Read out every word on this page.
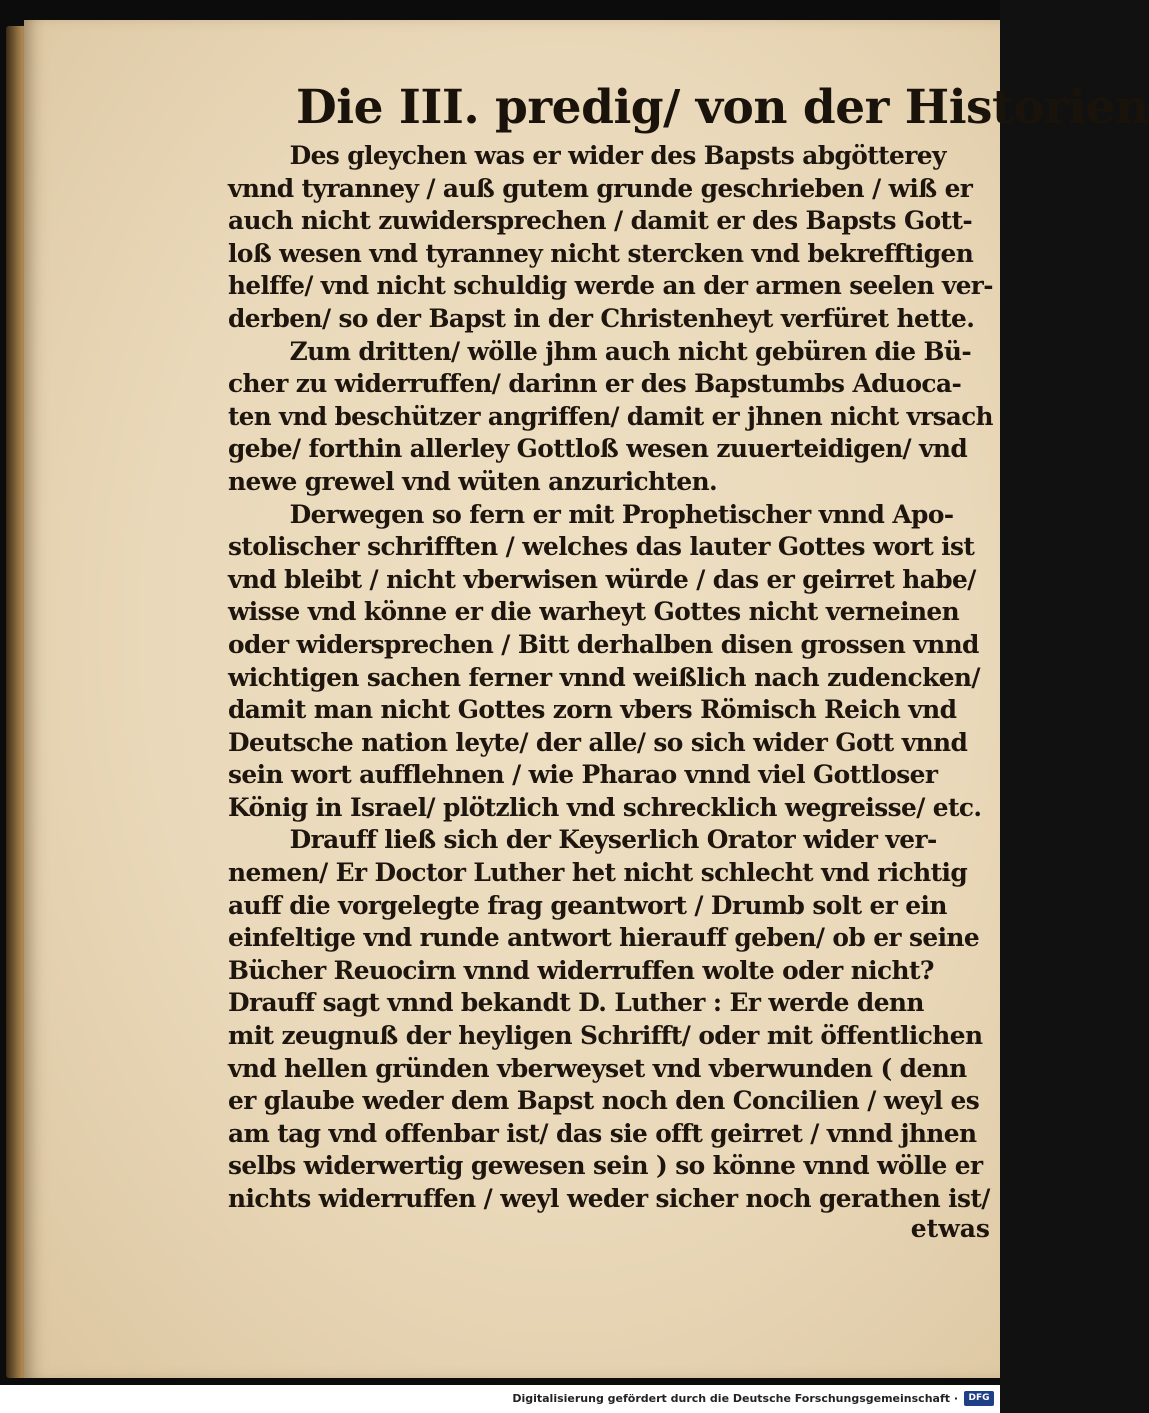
Die III. predig/ von der Historien
Des gleychen was er wider des Bapsts abgötterey
vnnd tyranney / auß gutem grunde geschrieben / wiß er
auch nicht zuwidersprechen / damit er des Bapsts Gott-
loß wesen vnd tyranney nicht stercken vnd bekrefftigen
helffe/ vnd nicht schuldig werde an der armen seelen ver-
derben/ so der Bapst in der Christenheyt verfüret hette.
Zum dritten/ wölle jhm auch nicht gebüren die Bü-
cher zu widerruffen/ darinn er des Bapstumbs Aduoca-
ten vnd beschützer angriffen/ damit er jhnen nicht vrsach
gebe/ forthin allerley Gottloß wesen zuuerteidigen/ vnd
newe grewel vnd wüten anzurichten.
Derwegen so fern er mit Prophetischer vnnd Apo-
stolischer schrifften / welches das lauter Gottes wort ist
vnd bleibt / nicht vberwisen würde / das er geirret habe/
wisse vnd könne er die warheyt Gottes nicht verneinen
oder widersprechen / Bitt derhalben disen grossen vnnd
wichtigen sachen ferner vnnd weißlich nach zudencken/
damit man nicht Gottes zorn vbers Römisch Reich vnd
Deutsche nation leyte/ der alle/ so sich wider Gott vnnd
sein wort aufflehnen / wie Pharao vnnd viel Gottloser
König in Israel/ plötzlich vnd schrecklich wegreisse/ etc.
Drauff ließ sich der Keyserlich Orator wider ver-
nemen/ Er Doctor Luther het nicht schlecht vnd richtig
auff die vorgelegte frag geantwort / Drumb solt er ein
einfeltige vnd runde antwort hierauff geben/ ob er seine
Bücher Reuocirn vnnd widerruffen wolte oder nicht?
Drauff sagt vnnd bekandt D. Luther : Er werde denn
mit zeugnuß der heyligen Schrifft/ oder mit öffentlichen
vnd hellen gründen vberweyset vnd vberwunden ( denn
er glaube weder dem Bapst noch den Concilien / weyl es
am tag vnd offenbar ist/ das sie offt geirret / vnnd jhnen
selbs widerwertig gewesen sein ) so könne vnnd wölle er
nichts widerruffen / weyl weder sicher noch gerathen ist/
etwas
Digitalisierung gefördert durch die Deutsche Forschungsgemeinschaft ·	DFG
